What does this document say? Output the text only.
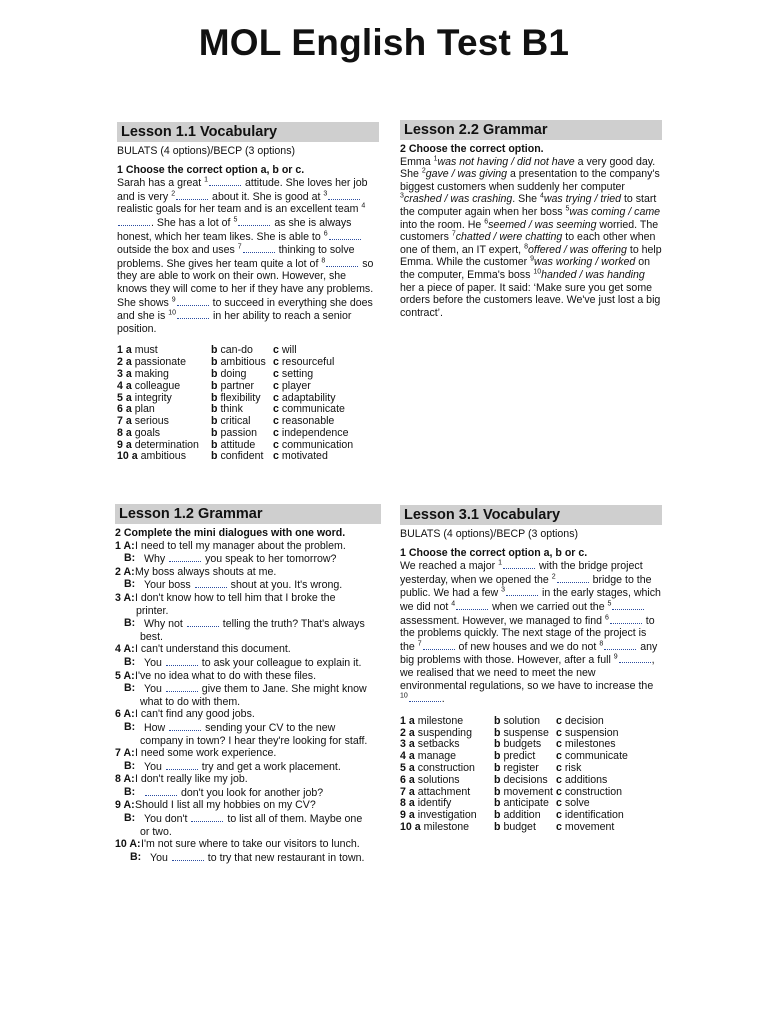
MOL English Test B1
Lesson 1.1 Vocabulary
BULATS (4 options)/BECP (3 options)
1 Choose the correct option a, b or c.
Sarah has a great $^1$	attitude. She loves her job and is very $^2$	about it. She is good at $^3$ realistic goals for her team and is an excellent team $^4$. She has a lot of $^5$	as she is always honest, which her team likes. She is able to $^6$ outside the box and uses $^7$	thinking to solve problems. She gives her team quite a lot of $^8$	so they are able to work on their own. However, she knows they will come to her if they have any problems. She shows $^9$	to succeed in everything she does and she is $^{10}$	in her ability to reach a senior position.
1 a must	b can-do	c will
2 a passionate	b ambitious c resourceful
3 a making	b doing	c setting
4 a colleague	b partner	c player
5 a integrity	b flexibility	c adaptability
6 a plan	b think	c communicate
7 a serious	b critical	c reasonable
8 a goals	b passion	c independence
9 a determination	b attitude	c communication
10 a ambitious	b confident c motivated
Lesson 2.2 Grammar
2 Choose the correct option.
Emma $^1$was not having / did not have a very good day. She $^2$gave / was giving a presentation to the company's biggest customers when suddenly her computer $^3$crashed / was crashing. She $^4$was trying / tried to start the computer again when her boss $^5$was coming / came into the room. He $^6$seemed / was seeming worried. The customers $^7$chatted / were chatting to each other when one of them, an IT expert, $^8$offered / was offering to help Emma. While the customer $^9$was working / worked on the computer, Emma's boss $^{10}$handed / was handing her a piece of paper. It said: ‘Make sure you get some orders before the customers leave. We've just lost a big contract’.
Lesson 1.2 Grammar
2 Complete the mini dialogues with one word.
1 A: I need to tell my manager about the problem.
B: Why	you speak to her tomorrow?
2 A: My boss always shouts at me.
B: Your boss	shout at you. It's wrong.
3 A: I don't know how to tell him that I broke the
printer.
B: Why not	telling the truth? That's always
best.
4 A: I can't understand this document.
B: You	to ask your colleague to explain it.
5 A: I've no idea what to do with these files.
B: You	give them to Jane. She might know
what to do with them.
6 A: I can't find any good jobs.
B: How	sending your CV to the new
company in town? I hear they're looking for staff.
7 A: I need some work experience.
B: You	try and get a work placement.
8 A: I don't really like my job.
B:	don't you look for another job?
9 A: Should I list all my hobbies on my CV?
B: You don't	to list all of them. Maybe one
or two.
10 A: I'm not sure where to take our visitors to lunch.
B: You	to try that new restaurant in town.
Lesson 3.1 Vocabulary
BULATS (4 options)/BECP (3 options)
1 Choose the correct option a, b or c.
We reached a major $^1$	with the bridge project yesterday, when we opened the $^2$	bridge to the public. We had a few $^3$	in the early stages, which we did not $^4$	when we carried out the $^5$ assessment. However, we managed to find $^6$	to the problems quickly. The next stage of the project is the $^7$	of new houses and we do not $^8$	any big problems with those. However, after a full $^9$	, we realised that we need to meet the new environmental regulations, so we have to increase the $^{10}$	.
1 a milestone	b solution	c decision
2 a suspending	b suspense c suspension
3 a setbacks	b budgets	c milestones
4 a manage	b predict	c communicate
5 a construction	b register	c risk
6 a solutions	b decisions c additions
7 a attachment	b movement c construction
8 a identify	b anticipate c solve
9 a investigation	b addition	c identification
10 a milestone	b budget	c movement
